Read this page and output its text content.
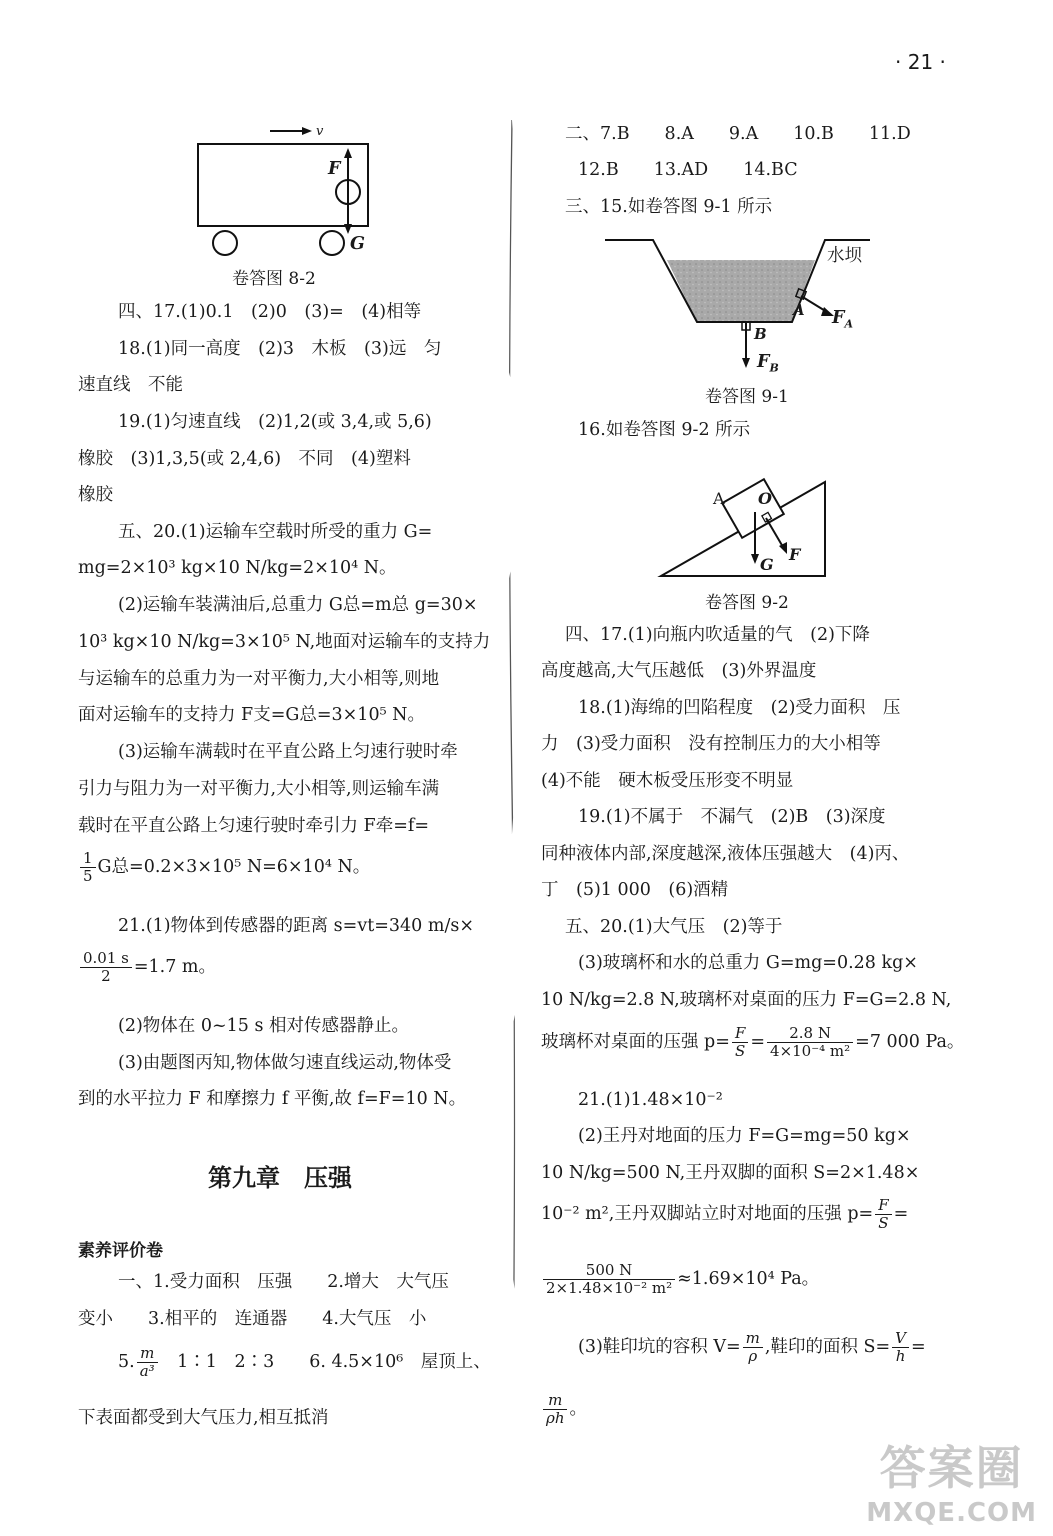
· 21 ·
v
F
G
卷答图 8-2
四、17.(1)0.1　(2)0　(3)=　(4)相等
18.(1)同一高度　(2)3　木板　(3)远　匀
速直线　不能
19.(1)匀速直线　(2)1,2(或 3,4,或 5,6)
橡胶　(3)1,3,5(或 2,4,6)　不同　(4)塑料
橡胶
五、20.(1)运输车空载时所受的重力 G=
mg=2×10³ kg×10 N/kg=2×10⁴ N。
(2)运输车装满油后,总重力 G总=m总 g=30×
10³ kg×10 N/kg=3×10⁵ N,地面对运输车的支持力
与运输车的总重力为一对平衡力,大小相等,则地
面对运输车的支持力 F支=G总=3×10⁵ N。
(3)运输车满载时在平直公路上匀速行驶时牵
引力与阻力为一对平衡力,大小相等,则运输车满
载时在平直公路上匀速行驶时牵引力 F牵=f=
$\frac{1}{5}$ G总=0.2×3×10⁵ N=6×10⁴ N。
21.(1)物体到传感器的距离 s=vt=340 m/s×
$\frac{0.01 s}{2} =1.7$ m。
(2)物体在 0~15 s 相对传感器静止。
(3)由题图丙知,物体做匀速直线运动,物体受
到的水平拉力 F 和摩擦力 f 平衡,故 f=F=10 N。
第九章　压强
素养评价卷
一、1.受力面积　压强　　2.增大　大气压
变小　　3.相平的　连通器　　4.大气压　小
5. $\frac{m}{\text{a³}}$ 　1∶1　2∶3　　6. 4.5×10⁶　屋顶上、
下表面都受到大气压力,相互抵消
二、7.B　　8.A　　9.A　　10.B　　11.D
12.B　　13.AD　　14.BC
三、15.如卷答图 9-1 所示
水坝
A
B
$F_A$
$F_B$
卷答图 9-1
16.如卷答图 9-2 所示
A O
G
F
卷答图 9-2
四、17.(1)向瓶内吹适量的气　(2)下降
高度越高,大气压越低　(3)外界温度
18.(1)海绵的凹陷程度　(2)受力面积　压
力　(3)受力面积　没有控制压力的大小相等
(4)不能　硬木板受压形变不明显
19.(1)不属于　不漏气　(2)B　(3)深度
同种液体内部,深度越深,液体压强越大　(4)丙、
丁　(5)1 000　(6)酒精
五、20.(1)大气压　(2)等于
(3)玻璃杯和水的总重力 G=mg=0.28 kg×
10 N/kg=2.8 N,玻璃杯对桌面的压力 F=G=2.8 N,
玻璃杯对桌面的压强 $p= \frac{F}{S} = \frac{2.8 N}{\text{4×10⁻⁴ m²}} =7$ 000 Pa。
21.(1)1.48×10⁻²
(2)王丹对地面的压力 F=G=mg=50 kg×
10 N/kg=500 N,王丹双脚的面积 S=2×1.48×
10⁻² m²,王丹双脚站立时对地面的压强 $p= \frac{F}{S}$ =
$\frac{500 N}{\text{2×1.48×10⁻² m²}} \approx 1.69\times 10^4$ Pa。
(3)鞋印坑的容积 $V= \frac{m}{\rho}$ ,鞋印的面积 $S= \frac{V}{h}$ =
$\frac{m}{\rho h}$ 。
答案圈
MXQE.COM
